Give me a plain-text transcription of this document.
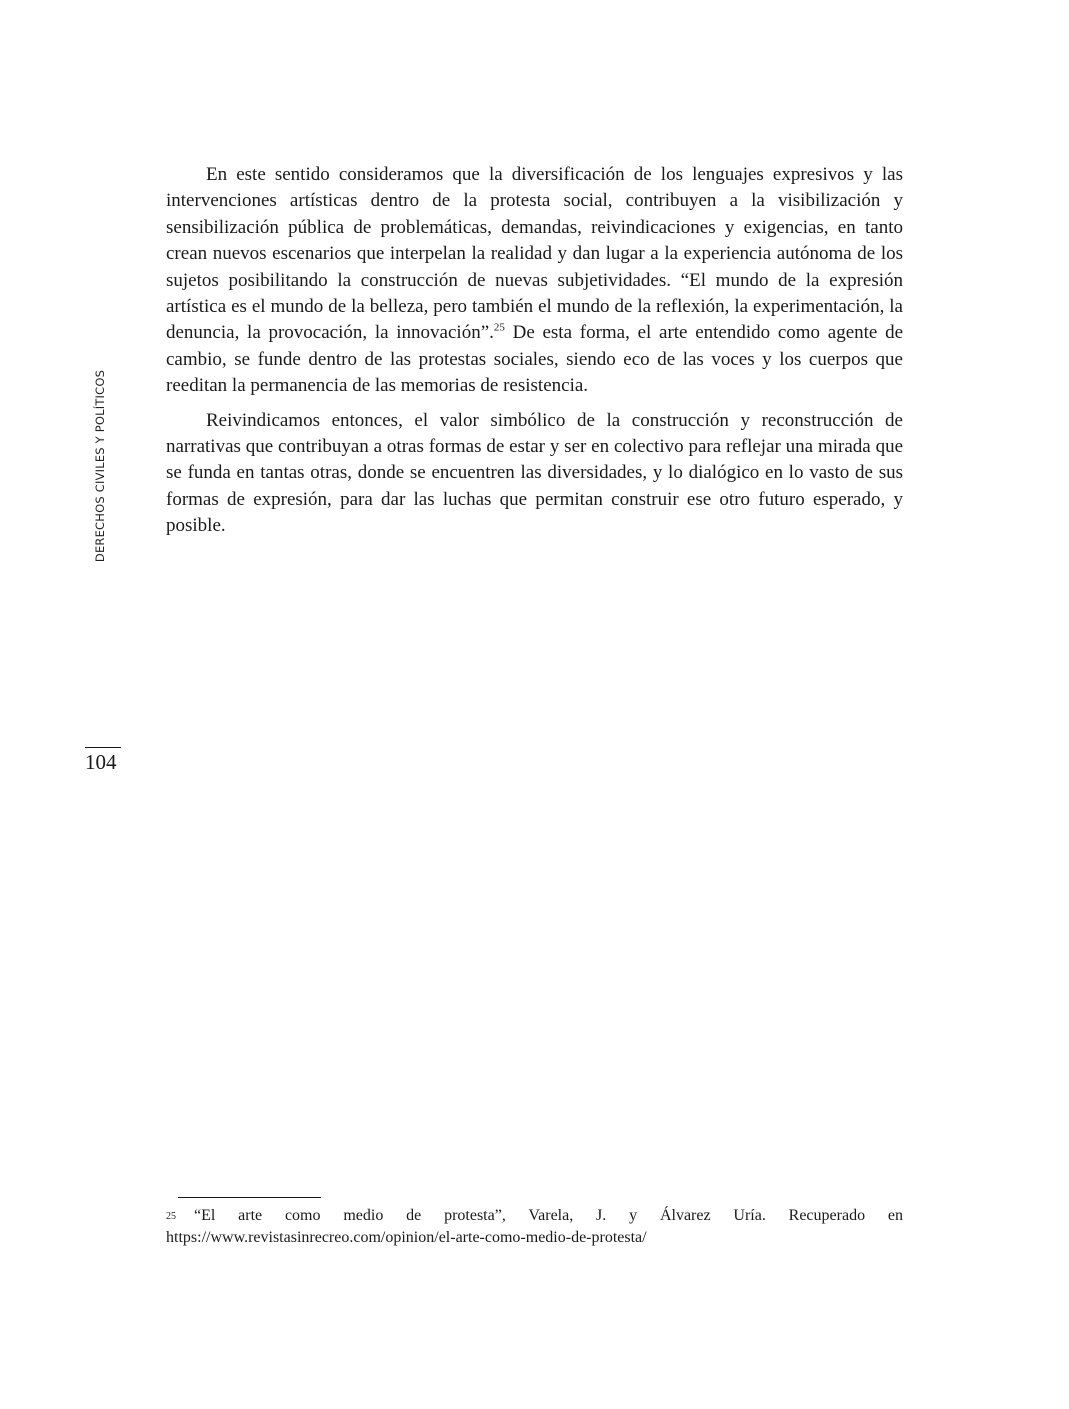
DERECHOS CIVILES Y POLÍTICOS
104

En este sentido consideramos que la diversificación de los lenguajes expresivos y las intervenciones artísticas dentro de la protesta social, contribuyen a la visibilización y sensibilización pública de problemáticas, demandas, reivindicaciones y exigencias, en tanto crean nuevos escenarios que interpelan la realidad y dan lugar a la experiencia autónoma de los sujetos posibilitando la construcción de nuevas subjetividades. “El mundo de la expresión artística es el mundo de la belleza, pero también el mundo de la reflexión, la experimentación, la denuncia, la provocación, la innovación”.$^{25}$ De esta forma, el arte entendido como agente de cambio, se funde dentro de las protestas sociales, siendo eco de las voces y los cuerpos que reeditan la permanencia de las memorias de resistencia.

Reivindicamos entonces, el valor simbólico de la construcción y reconstrucción de narrativas que contribuyan a otras formas de estar y ser en colectivo para reflejar una mirada que se funda en tantas otras, donde se encuentren las diversidades, y lo dialógico en lo vasto de sus formas de expresión, para dar las luchas que permitan construir ese otro futuro esperado, y posible.

$^{25}$ “El arte como medio de protesta”, Varela, J. y Álvarez Uría. Recuperado en https://www.revistasinrecreo.com/opinion/el-arte-como-medio-de-protesta/
